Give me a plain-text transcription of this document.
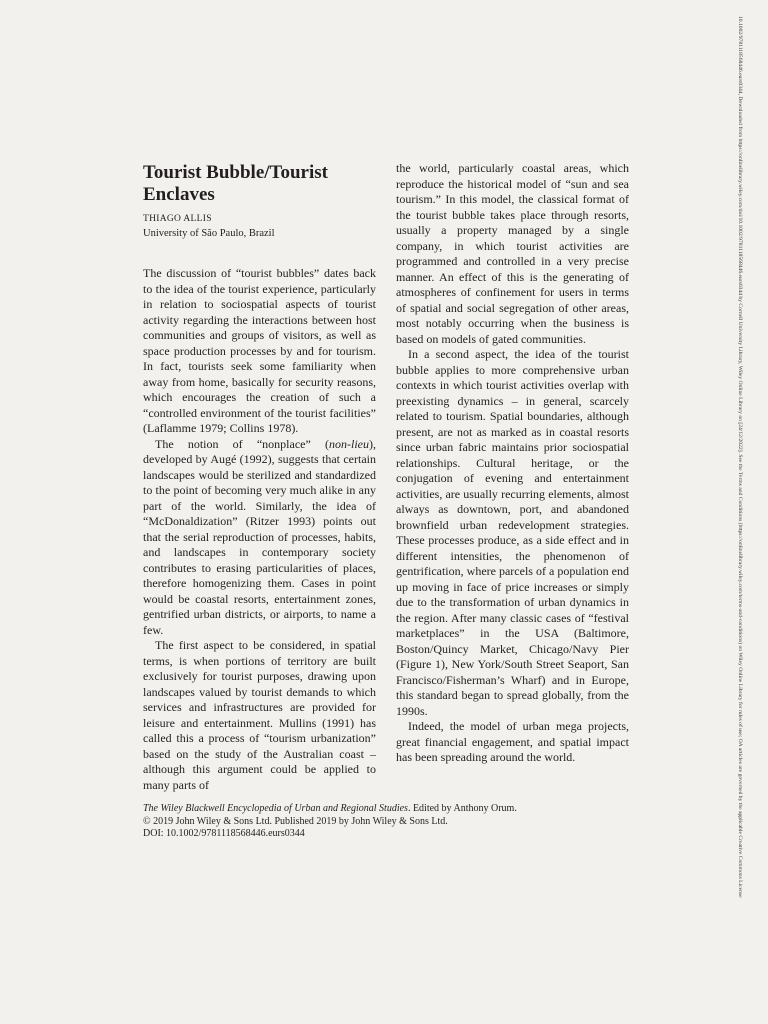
Tourist Bubble/Tourist Enclaves
THIAGO ALLIS
University of São Paulo, Brazil

The discussion of “tourist bubbles” dates back to the idea of the tourist experience, particularly in relation to sociospatial aspects of tourist activity regarding the interactions between host communities and groups of visitors, as well as space production processes by and for tourism. In fact, tourists seek some familiarity when away from home, basically for security reasons, which encourages the creation of such a “controlled environment of the tourist facilities” (Laflamme 1979; Collins 1978).

The notion of “nonplace” (non-lieu), developed by Augé (1992), suggests that certain landscapes would be sterilized and standardized to the point of becoming very much alike in any part of the world. Similarly, the idea of “McDonaldization” (Ritzer 1993) points out that the serial reproduction of processes, habits, and landscapes in contemporary society contributes to erasing particularities of places, therefore homogenizing them. Cases in point would be coastal resorts, entertainment zones, gentrified urban districts, or airports, to name a few.

The first aspect to be considered, in spatial terms, is when portions of territory are built exclusively for tourist purposes, drawing upon landscapes valued by tourist demands to which services and infrastructures are provided for leisure and entertainment. Mullins (1991) has called this a process of “tourism urbanization” based on the study of the Australian coast – although this argument could be applied to many parts of

the world, particularly coastal areas, which reproduce the historical model of “sun and sea tourism.” In this model, the classical format of the tourist bubble takes place through resorts, usually a property managed by a single company, in which tourist activities are programmed and controlled in a very precise manner. An effect of this is the generating of atmospheres of confinement for users in terms of spatial and social segregation of other areas, most notably occurring when the business is based on models of gated communities.

In a second aspect, the idea of the tourist bubble applies to more comprehensive urban contexts in which tourist activities overlap with preexisting dynamics – in general, scarcely related to tourism. Spatial boundaries, although present, are not as marked as in coastal resorts since urban fabric maintains prior sociospatial relationships. Cultural heritage, or the conjugation of evening and entertainment activities, are usually recurring elements, almost always as downtown, port, and abandoned brownfield urban redevelopment strategies. These processes produce, as a side effect and in different intensities, the phenomenon of gentrification, where parcels of a population end up moving in face of price increases or simply due to the transformation of urban dynamics in the region. After many classic cases of “festival marketplaces” in the USA (Baltimore, Boston/Quincy Market, Chicago/Navy Pier (Figure 1), New York/South Street Seaport, San Francisco/Fisherman’s Wharf) and in Europe, this standard began to spread globally, from the 1990s.

Indeed, the model of urban mega projects, great financial engagement, and spatial impact has been spreading around the world.

The Wiley Blackwell Encyclopedia of Urban and Regional Studies. Edited by Anthony Orum.
© 2019 John Wiley & Sons Ltd. Published 2019 by John Wiley & Sons Ltd.
DOI: 10.1002/9781118568446.eurs0344	10.1002/9781118568446.eurs0344, Downloaded from https://onlinelibrary.wiley.com/doi/10.1002/9781118568446.eurs0344 by Cornell University Library, Wiley Online Library on [24/12/2022]. See the Terms and Conditions (https://onlinelibrary.wiley.com/terms-and-conditions) on Wiley Online Library for rules of use; OA articles are governed by the applicable Creative Commons License
